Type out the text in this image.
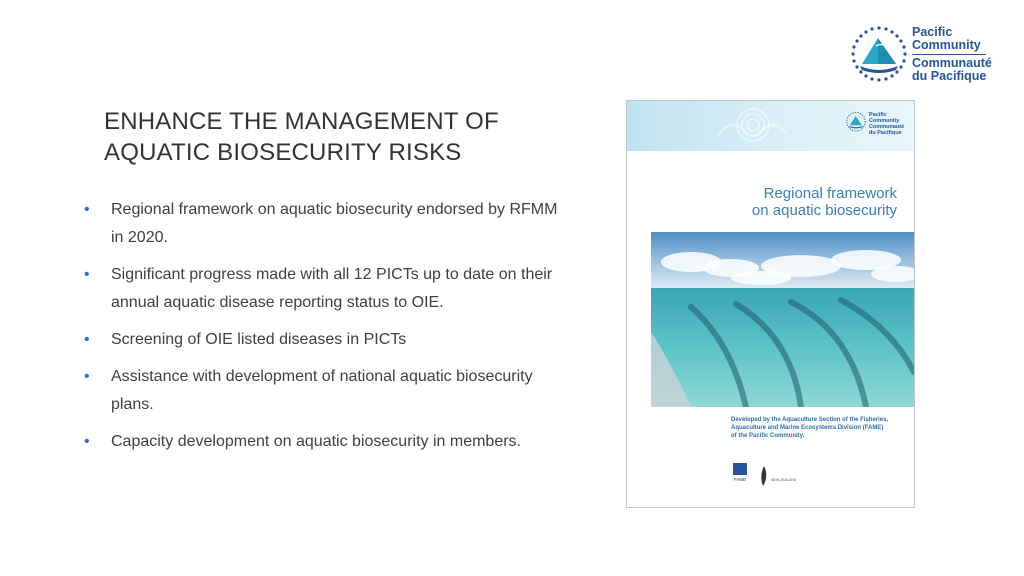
Pacific
Community
Communauté
du Pacifique
ENHANCE THE MANAGEMENT OF
AQUATIC BIOSECURITY RISKS
• Regional framework on aquatic biosecurity endorsed by RFMM
in 2020.
• Significant progress made with all 12 PICTs up to date on their
annual aquatic disease reporting status to OIE.
• Screening of OIE listed diseases in PICTs
• Assistance with development of national aquatic biosecurity
plans.
• Capacity development on aquatic biosecurity in members.
Pacific
Community
Communauté
du Pacifique
Regional framework
on aquatic biosecurity
Developed by the Aquaculture Section of the Fisheries,
Aquaculture and Marine Ecosystems Division (FAME)
of the Pacific Community.
FAME	NEW ZEALAND
